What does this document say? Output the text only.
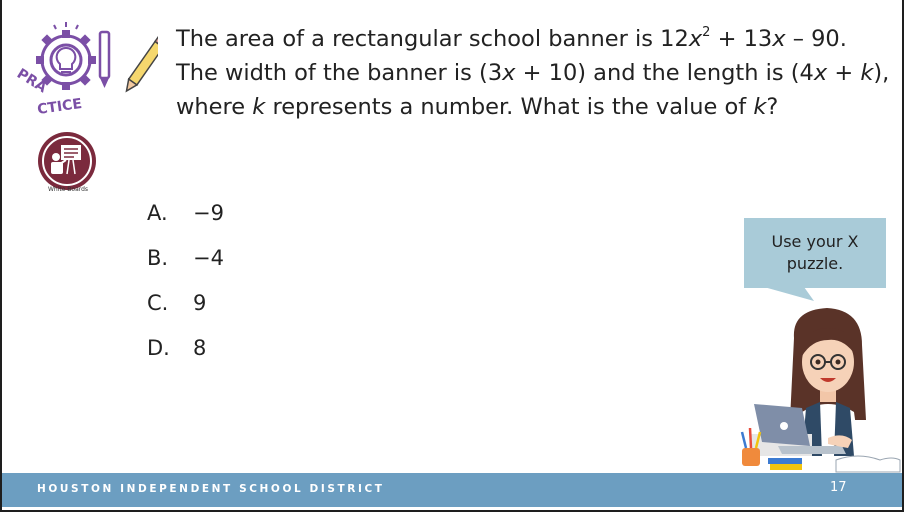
PRA
CTICE
White Boards

The area of a rectangular school banner is $12x^2 + 13x - 90$.

The width of the banner is (3x + 10) and the length is (4x + k),

where k represents a number. What is the value of k?

A.	−9
B.	−4
C.	9
D.	8
Use your X
puzzle.
HOUSTON INDEPENDENT SCHOOL DISTRICT	17
